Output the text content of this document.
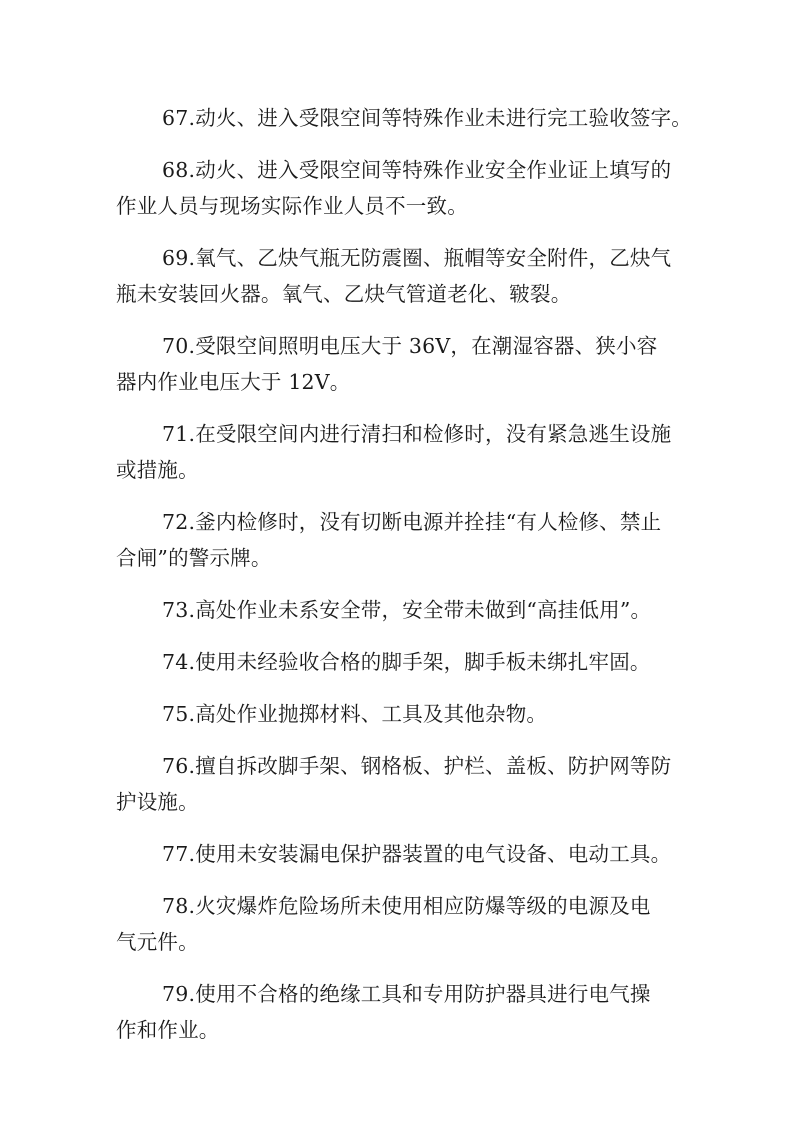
67.动火、进入受限空间等特殊作业未进行完工验收签字。
68.动火、进入受限空间等特殊作业安全作业证上填写的
作业人员与现场实际作业人员不一致。
69.氧气、乙炔气瓶无防震圈、瓶帽等安全附件，乙炔气
瓶未安装回火器。氧气、乙炔气管道老化、皲裂。
70.受限空间照明电压大于 36V，在潮湿容器、狭小容
器内作业电压大于 12V。
71.在受限空间内进行清扫和检修时，没有紧急逃生设施
或措施。
72.釜内检修时，没有切断电源并拴挂“有人检修、禁止
合闸”的警示牌。
73.高处作业未系安全带，安全带未做到“高挂低用”。
74.使用未经验收合格的脚手架，脚手板未绑扎牢固。
75.高处作业抛掷材料、工具及其他杂物。
76.擅自拆改脚手架、钢格板、护栏、盖板、防护网等防
护设施。
77.使用未安装漏电保护器装置的电气设备、电动工具。
78.火灾爆炸危险场所未使用相应防爆等级的电源及电
气元件。
79.使用不合格的绝缘工具和专用防护器具进行电气操
作和作业。
